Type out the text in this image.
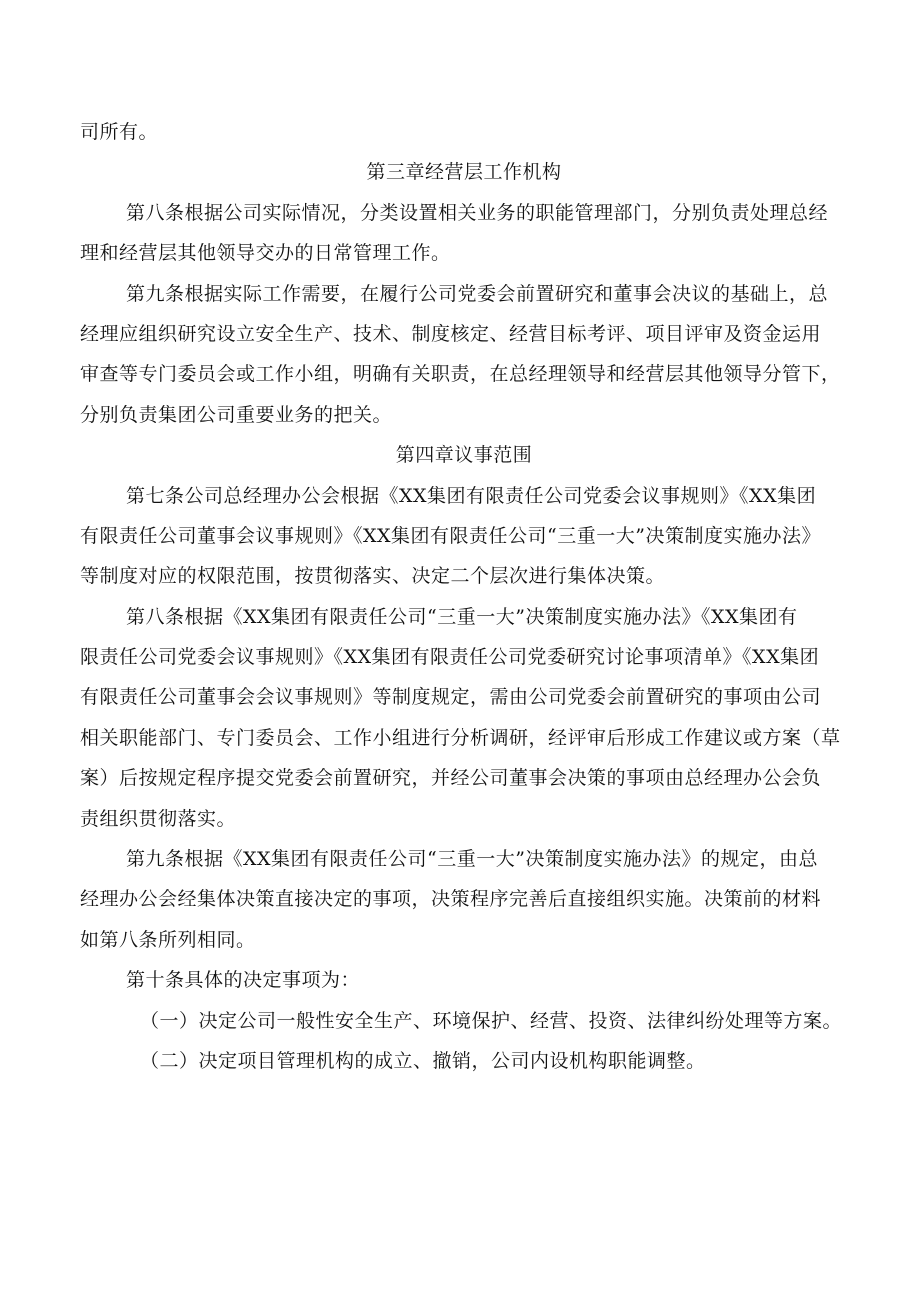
司所有。
第三章经营层工作机构
第八条根据公司实际情况，分类设置相关业务的职能管理部门，分别负责处理总经
理和经营层其他领导交办的日常管理工作。
第九条根据实际工作需要，在履行公司党委会前置研究和董事会决议的基础上，总
经理应组织研究设立安全生产、技术、制度核定、经营目标考评、项目评审及资金运用
审查等专门委员会或工作小组，明确有关职责，在总经理领导和经营层其他领导分管下，
分别负责集团公司重要业务的把关。
第四章议事范围
第七条公司总经理办公会根据《XX集团有限责任公司党委会议事规则》《XX集团
有限责任公司董事会议事规则》《XX集团有限责任公司“三重一大”决策制度实施办法》
等制度对应的权限范围，按贯彻落实、决定二个层次进行集体决策。
第八条根据《XX集团有限责任公司“三重一大”决策制度实施办法》《XX集团有
限责任公司党委会议事规则》《XX集团有限责任公司党委研究讨论事项清单》《XX集团
有限责任公司董事会会议事规则》等制度规定，需由公司党委会前置研究的事项由公司
相关职能部门、专门委员会、工作小组进行分析调研，经评审后形成工作建议或方案（草
案）后按规定程序提交党委会前置研究，并经公司董事会决策的事项由总经理办公会负
责组织贯彻落实。
第九条根据《XX集团有限责任公司“三重一大”决策制度实施办法》的规定，由总
经理办公会经集体决策直接决定的事项，决策程序完善后直接组织实施。决策前的材料
如第八条所列相同。
第十条具体的决定事项为：
（一）决定公司一般性安全生产、环境保护、经营、投资、法律纠纷处理等方案。
（二）决定项目管理机构的成立、撤销，公司内设机构职能调整。
